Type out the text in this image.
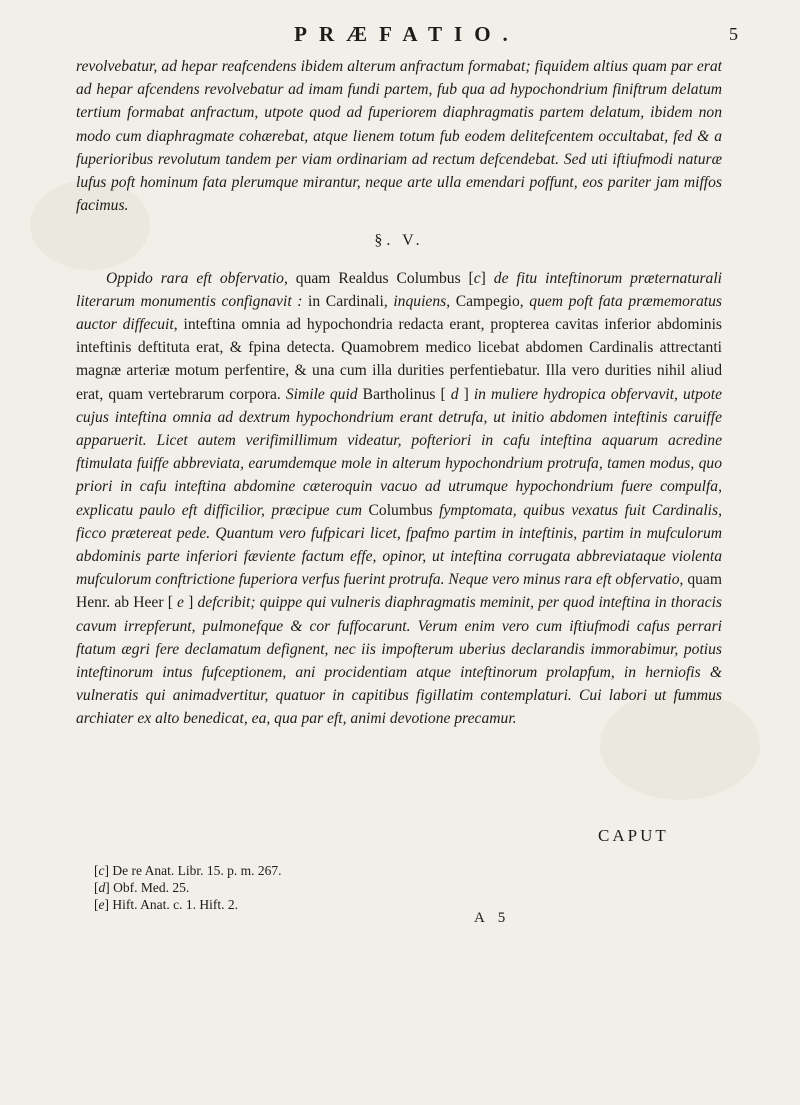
PRÆFATIO.	5

revolvebatur, ad hepar reafcendens ibidem alterum anfractum formabat; fiquidem altius quam par erat ad hepar afcendens revolvebatur ad imam fundi partem, fub qua ad hypochondrium finiftrum delatum tertium formabat anfractum, utpote quod ad fuperiorem diaphragmatis partem delatum, ibidem non modo cum diaphragmate cohærebat, atque lienem totum fub eodem delitefcentem occultabat, fed & a fuperioribus revolutum tandem per viam ordinariam ad rectum defcendebat. Sed uti iftiufmodi naturæ lufus poft hominum fata plerumque mirantur, neque arte ulla emendari poffunt, eos pariter jam miffos facimus.

§. V.

Oppido rara eft obfervatio, quam Realdus Columbus [c] de fitu inteftinorum præternaturali literarum monumentis confignavit : in Cardinali, inquiens, Campegio, quem poft fata præmemoratus auctor diffecuit, inteftina omnia ad hypochondria redacta erant, propterea cavitas inferior abdominis inteftinis deftituta erat, & fpina detecta. Quamobrem medico licebat abdomen Cardinalis attrectanti magnæ arteriæ motum perfentire, & una cum illa durities perfentiebatur. Illa vero durities nihil aliud erat, quam vertebrarum corpora. Simile quid Bartholinus [ d ] in muliere hydropica obfervavit, utpote cujus inteftina omnia ad dextrum hypochondrium erant detrufa, ut initio abdomen inteftinis caruiffe apparuerit. Licet autem verifimillimum videatur, pofteriori in cafu inteftina aquarum acredine ftimulata fuiffe abbreviata, earumdemque mole in alterum hypochondrium protrufa, tamen modus, quo priori in cafu inteftina abdomine cæteroquin vacuo ad utrumque hypochondrium fuere compulfa, explicatu paulo eft difficilior, præcipue cum Columbus fymptomata, quibus vexatus fuit Cardinalis, ficco prætereat pede. Quantum vero fufpicari licet, fpafmo partim in inteftinis, partim in mufculorum abdominis parte inferiori fæviente factum effe, opinor, ut inteftina corrugata abbreviataque violenta mufculorum conftrictione fuperiora verfus fuerint protrufa. Neque vero minus rara eft obfervatio, quam Henr. ab Heer [ e ] defcribit; quippe qui vulneris diaphragmatis meminit, per quod inteftina in thoracis cavum irrepferunt, pulmonefque & cor fuffocarunt. Verum enim vero cum iftiufmodi cafus perrari ftatum ægri fere declamatum defignent, nec iis impofterum uberius declarandis immorabimur, potius inteftinorum intus fufceptionem, ani procidentiam atque inteftinorum prolapfum, in herniofis & vulneratis qui animadvertitur, quatuor in capitibus figillatim contemplaturi. Cui labori ut fummus archiater ex alto benedicat, ea, qua par eft, animi devotione precamur.

CAPUT
[c] De re Anat. Libr. 15. p. m. 267.
[d] Obf. Med. 25.
[e] Hift. Anat. c. 1. Hift. 2.
A 5
